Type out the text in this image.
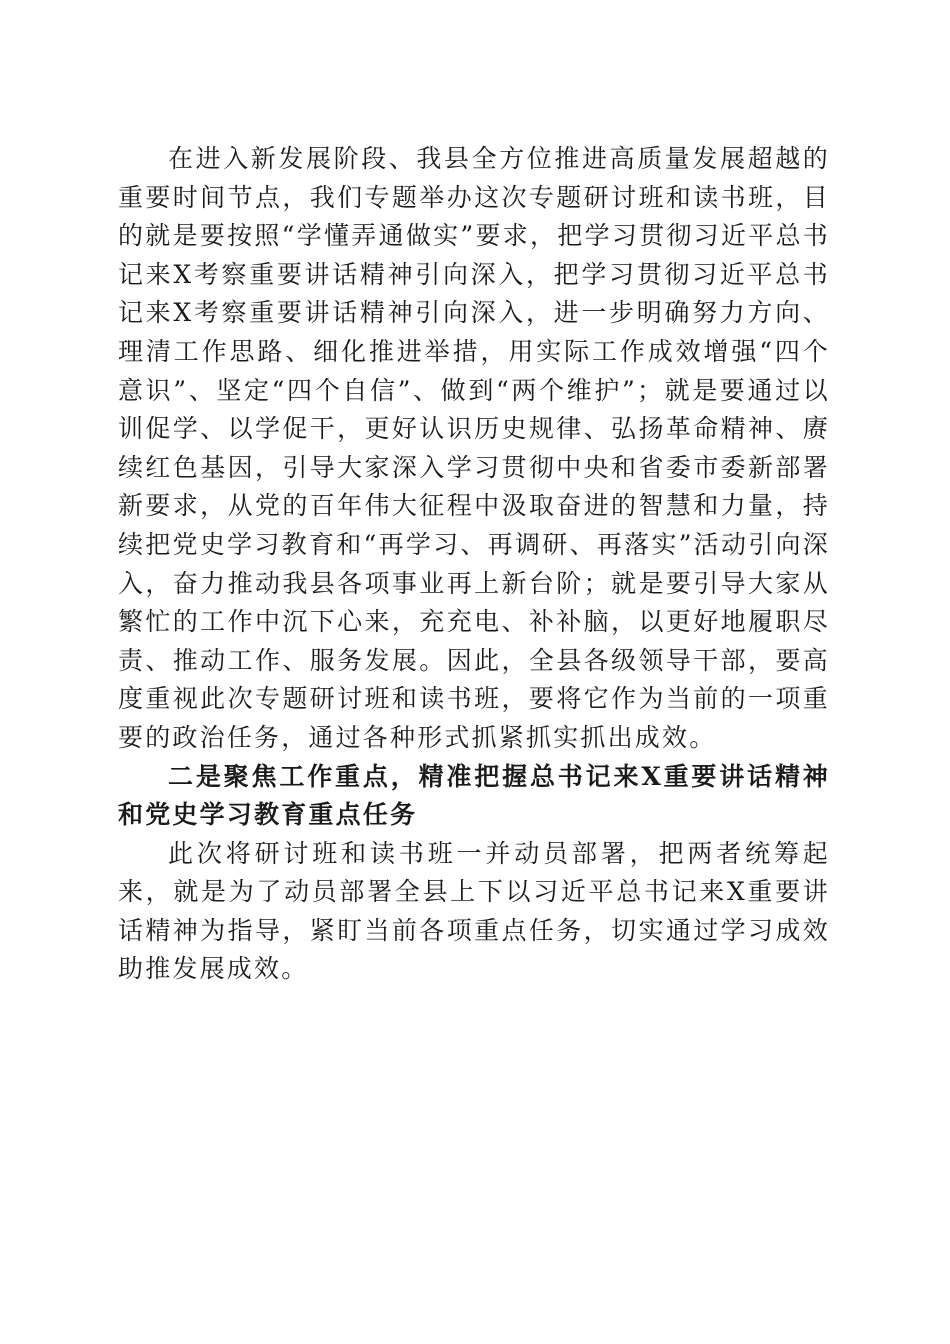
在进入新发展阶段、我县全方位推进高质量发展超越的重要时间节点，我们专题举办这次专题研讨班和读书班，目的就是要按照“学懂弄通做实”要求，把学习贯彻习近平总书记来X考察重要讲话精神引向深入，把学习贯彻习近平总书记来X考察重要讲话精神引向深入，进一步明确努力方向、理清工作思路、细化推进举措，用实际工作成效增强“四个意识”、坚定“四个自信”、做到“两个维护”；就是要通过以训促学、以学促干，更好认识历史规律、弘扬革命精神、赓续红色基因，引导大家深入学习贯彻中央和省委市委新部署新要求，从党的百年伟大征程中汲取奋进的智慧和力量，持续把党史学习教育和“再学习、再调研、再落实”活动引向深入，奋力推动我县各项事业再上新台阶；就是要引导大家从繁忙的工作中沉下心来，充充电、补补脑，以更好地履职尽责、推动工作、服务发展。因此，全县各级领导干部，要高度重视此次专题研讨班和读书班，要将它作为当前的一项重要的政治任务，通过各种形式抓紧抓实抓出成效。

二是聚焦工作重点，精准把握总书记来X重要讲话精神和党史学习教育重点任务

此次将研讨班和读书班一并动员部署，把两者统筹起来，就是为了动员部署全县上下以习近平总书记来X重要讲话精神为指导，紧盯当前各项重点任务，切实通过学习成效助推发展成效。
